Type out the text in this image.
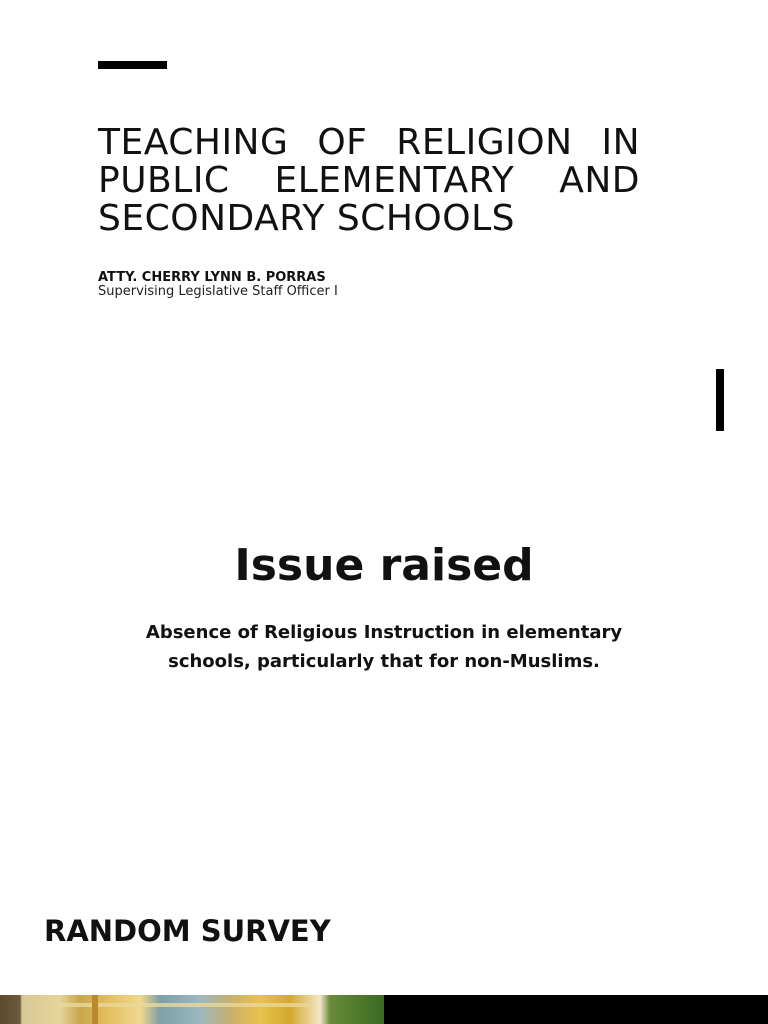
TEACHING OF RELIGION IN PUBLIC ELEMENTARY AND SECONDARY SCHOOLS

ATTY. CHERRY LYNN B. PORRAS

Supervising Legislative Staff Officer I

Issue raised

Absence of Religious Instruction in elementary schools, particularly that for non-Muslims.

RANDOM SURVEY
